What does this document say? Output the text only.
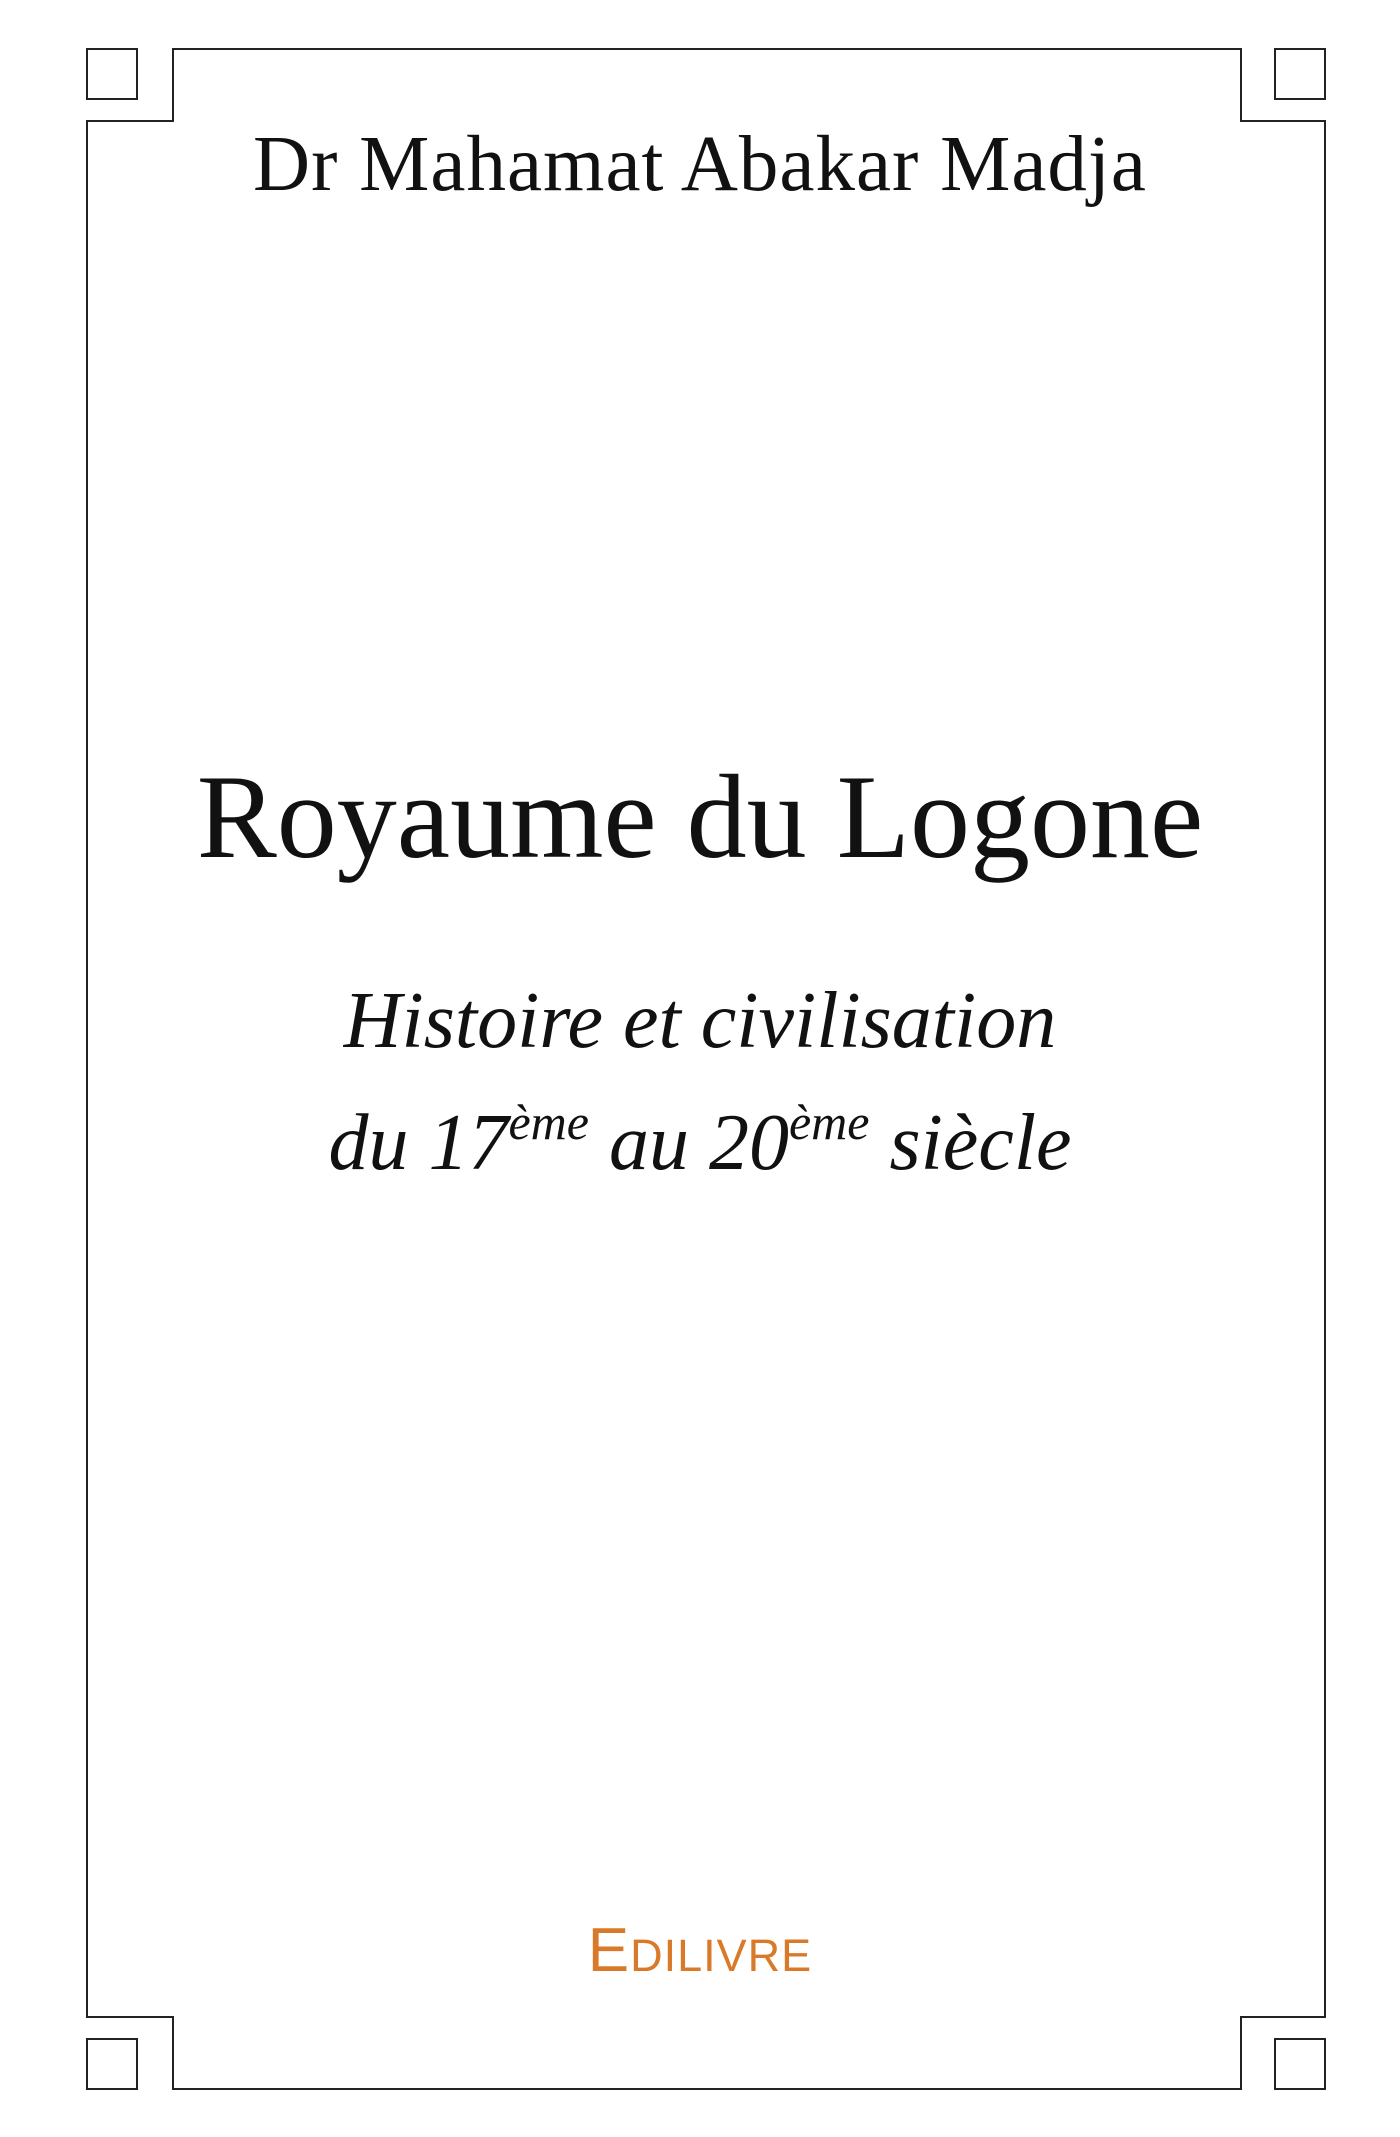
Dr Mahamat Abakar Madja
Royaume du Logone
Histoire et civilisation
du 17ème au 20ème siècle
EDILIVRE
